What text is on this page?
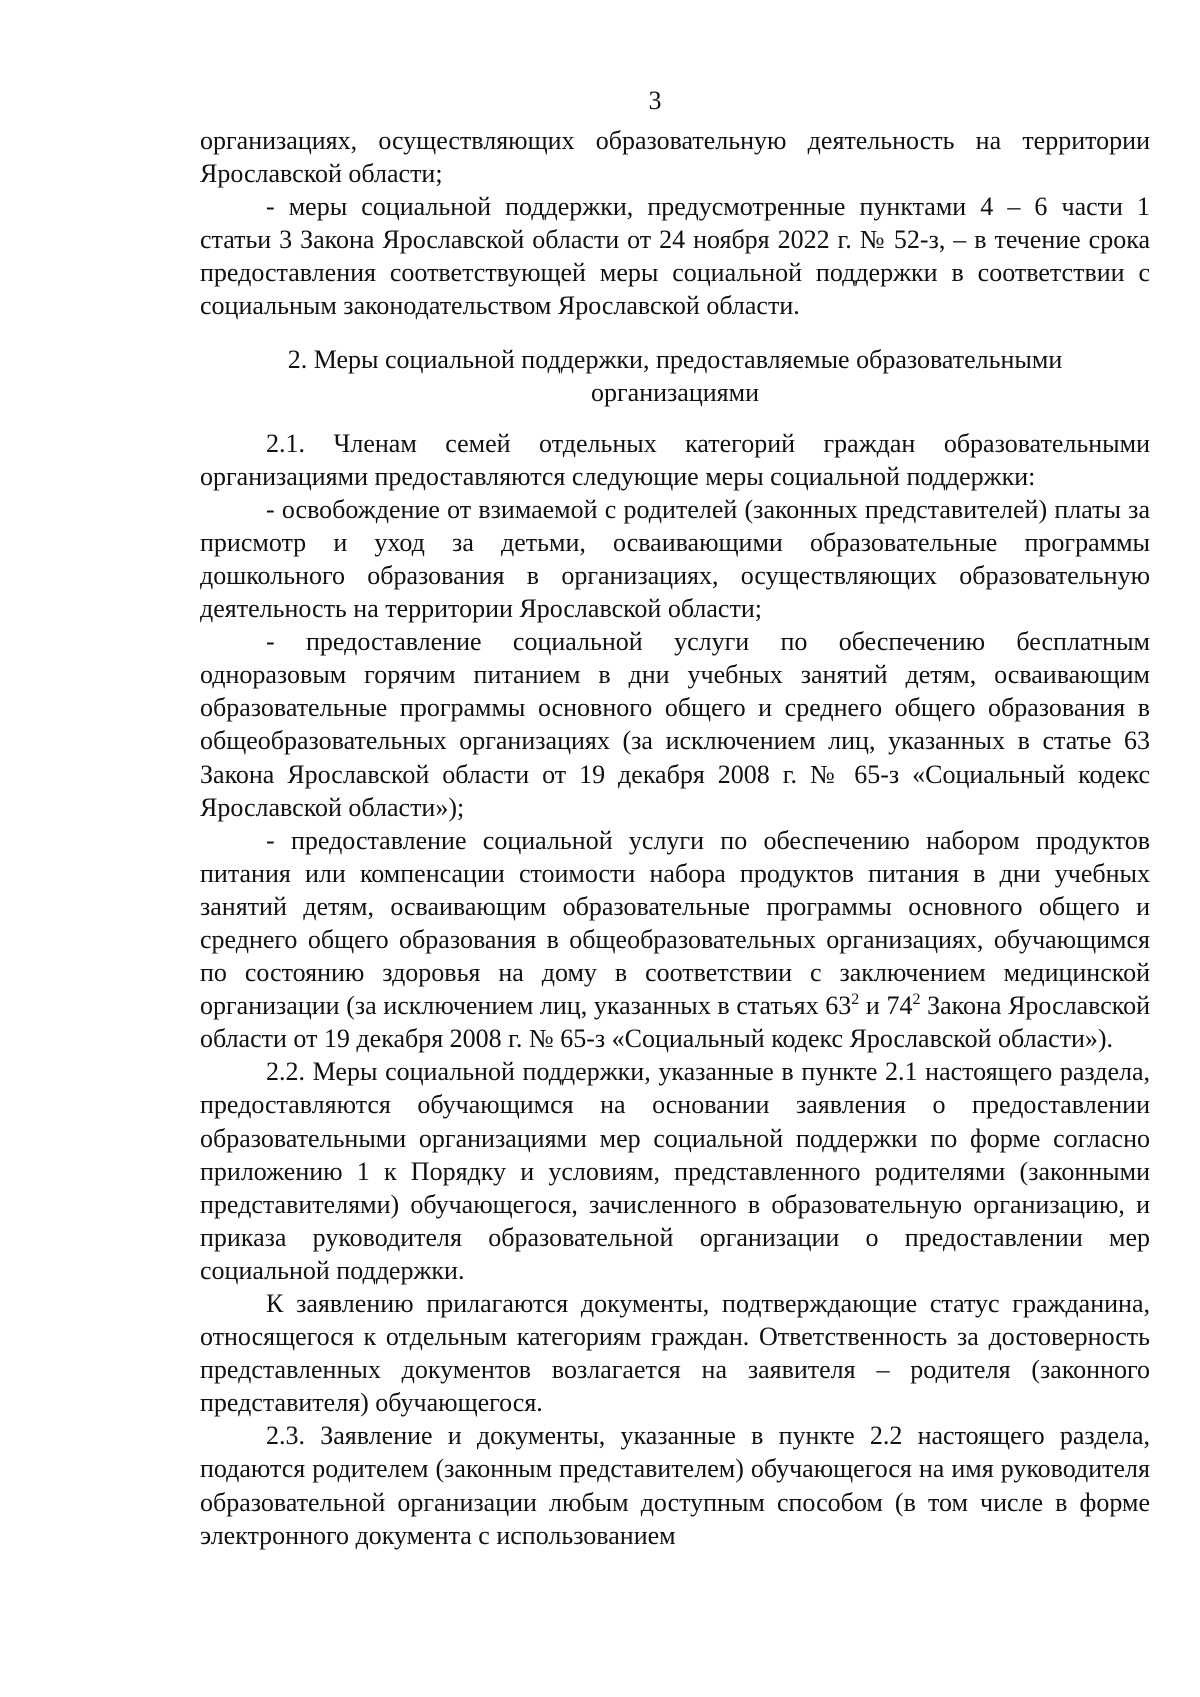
3

организациях, осуществляющих образовательную деятельность на территории Ярославской области;

- меры социальной поддержки, предусмотренные пунктами 4 – 6 части 1 статьи 3 Закона Ярославской области от 24 ноября 2022 г. № 52-з, – в течение срока предоставления соответствующей меры социальной поддержки в соответствии с социальным законодательством Ярославской области.

2. Меры социальной поддержки, предоставляемые образовательными
организациями

2.1. Членам семей отдельных категорий граждан образовательными организациями предоставляются следующие меры социальной поддержки:

- освобождение от взимаемой с родителей (законных представителей) платы за присмотр и уход за детьми, осваивающими образовательные программы дошкольного образования в организациях, осуществляющих образовательную деятельность на территории Ярославской области;

- предоставление социальной услуги по обеспечению бесплатным одноразовым горячим питанием в дни учебных занятий детям, осваивающим образовательные программы основного общего и среднего общего образования в общеобразовательных организациях (за исключением лиц, указанных в статье 63 Закона Ярославской области от 19 декабря 2008 г. № 65-з «Социальный кодекс Ярославской области»);

- предоставление социальной услуги по обеспечению набором продуктов питания или компенсации стоимости набора продуктов питания в дни учебных занятий детям, осваивающим образовательные программы основного общего и среднего общего образования в общеобразовательных организациях, обучающимся по состоянию здоровья на дому в соответствии с заключением медицинской организации (за исключением лиц, указанных в статьях $63^2$ и $74^2$ Закона Ярославской области от 19 декабря 2008 г. № 65-з «Социальный кодекс Ярославской области»).

2.2. Меры социальной поддержки, указанные в пункте 2.1 настоящего раздела, предоставляются обучающимся на основании заявления о предоставлении образовательными организациями мер социальной поддержки по форме согласно приложению 1 к Порядку и условиям, представленного родителями (законными представителями) обучающегося, зачисленного в образовательную организацию, и приказа руководителя образовательной организации о предоставлении мер социальной поддержки.

К заявлению прилагаются документы, подтверждающие статус гражданина, относящегося к отдельным категориям граждан. Ответственность за достоверность представленных документов возлагается на заявителя – родителя (законного представителя) обучающегося.

2.3. Заявление и документы, указанные в пункте 2.2 настоящего раздела, подаются родителем (законным представителем) обучающегося на имя руководителя образовательной организации любым доступным способом (в том числе в форме электронного документа с использованием
